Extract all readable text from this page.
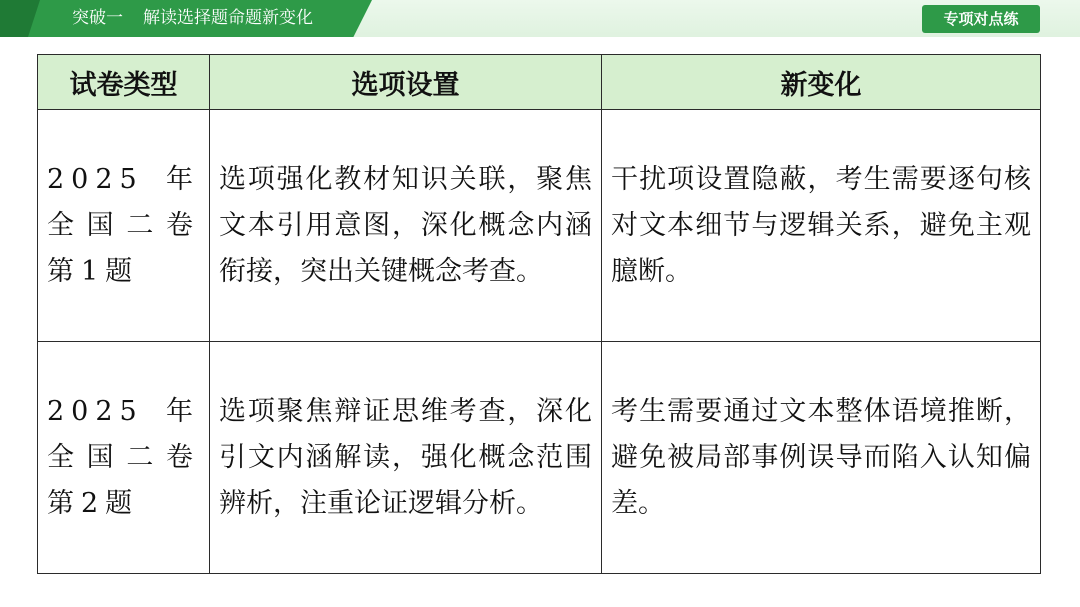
突破一 解读选择题命题新变化	专项对点练
试卷类型	选项设置	新变化
2025年全国二卷第1题	选项强化教材知识关联，聚焦文本引用意图，深化概念内涵衔接，突出关键概念考查。	干扰项设置隐蔽，考生需要逐句核对文本细节与逻辑关系，避免主观臆断。
2025年全国二卷第2题	选项聚焦辩证思维考查，深化引文内涵解读，强化概念范围辨析，注重论证逻辑分析。	考生需要通过文本整体语境推断，避免被局部事例误导而陷入认知偏差。
